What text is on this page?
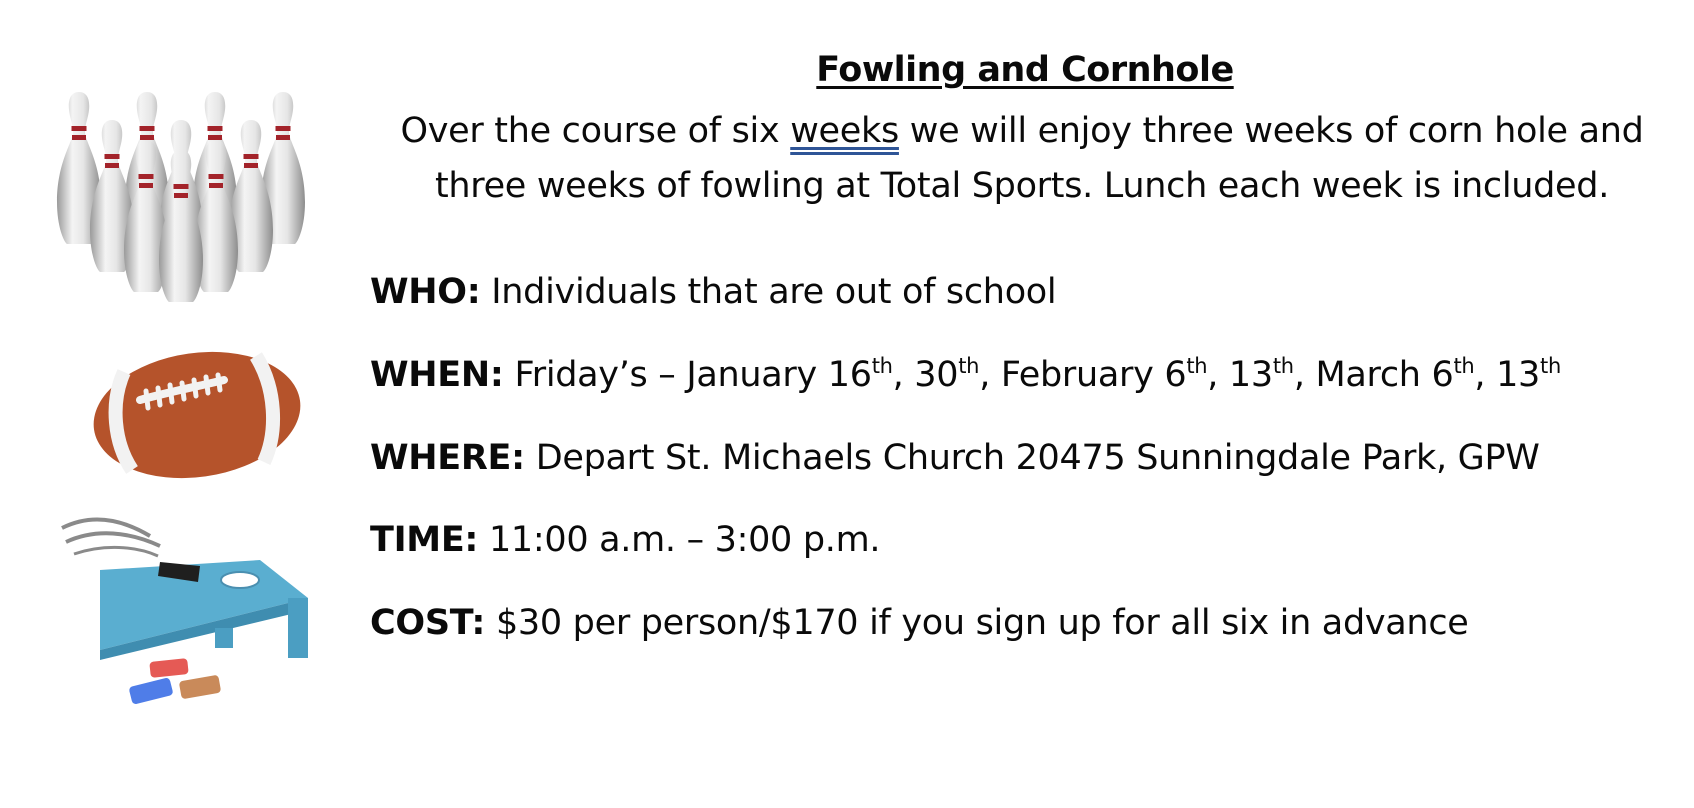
Fowling and Cornhole
Over the course of six weeks we will enjoy three weeks of corn hole and three weeks of fowling at Total Sports. Lunch each week is included.
WHO: Individuals that are out of school
WHEN: Friday’s – January 16th, 30th, February 6th, 13th, March 6th, 13th
WHERE: Depart St. Michaels Church 20475 Sunningdale Park, GPW
TIME: 11:00 a.m. – 3:00 p.m.
COST: $30 per person/$170 if you sign up for all six in advance
